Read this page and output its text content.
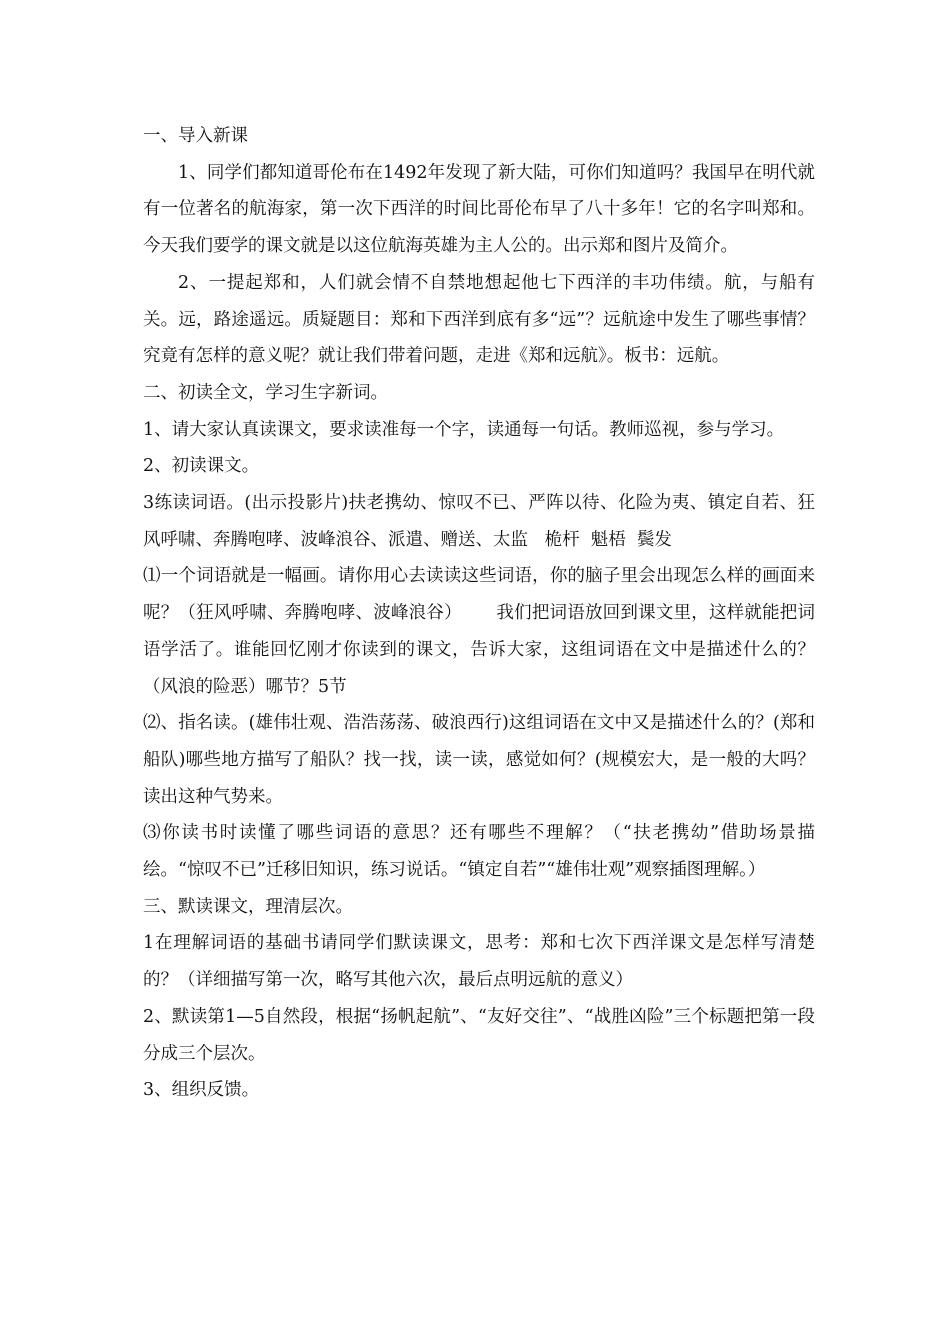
一、导入新课

1、同学们都知道哥伦布在1492年发现了新大陆，可你们知道吗？我国早在明代就有一位著名的航海家，第一次下西洋的时间比哥伦布早了八十多年！它的名字叫郑和。今天我们要学的课文就是以这位航海英雄为主人公的。出示郑和图片及简介。

2、一提起郑和，人们就会情不自禁地想起他七下西洋的丰功伟绩。航，与船有关。远，路途遥远。质疑题目：郑和下西洋到底有多“远”？远航途中发生了哪些事情？究竟有怎样的意义呢？就让我们带着问题，走进《郑和远航》。板书：远航。

二、初读全文，学习生字新词。

1、请大家认真读课文，要求读准每一个字，读通每一句话。教师巡视，参与学习。

2、初读课文。

3练读词语。(出示投影片)扶老携幼、惊叹不已、严阵以待、化险为夷、镇定自若、狂风呼啸、奔腾咆哮、波峰浪谷、派遣、赠送、太监   桅杆  魁梧  鬓发

⑴一个词语就是一幅画。请你用心去读读这些词语，你的脑子里会出现怎么样的画面来呢？（狂风呼啸、奔腾咆哮、波峰浪谷）      我们把词语放回到课文里，这样就能把词语学活了。谁能回忆刚才你读到的课文，告诉大家，这组词语在文中是描述什么的？（风浪的险恶）哪节？5节

⑵、指名读。(雄伟壮观、浩浩荡荡、破浪西行)这组词语在文中又是描述什么的？(郑和船队)哪些地方描写了船队？找一找，读一读，感觉如何？(规模宏大，是一般的大吗？读出这种气势来。

⑶你读书时读懂了哪些词语的意思？还有哪些不理解？（“扶老携幼”借助场景描绘。“惊叹不已”迁移旧知识，练习说话。“镇定自若”“雄伟壮观”观察插图理解。）

三、默读课文，理清层次。

1在理解词语的基础书请同学们默读课文，思考：郑和七次下西洋课文是怎样写清楚的？（详细描写第一次，略写其他六次，最后点明远航的意义）

2、默读第1—5自然段，根据“扬帆起航”、“友好交往”、“战胜凶险”三个标题把第一段分成三个层次。

3、组织反馈。
